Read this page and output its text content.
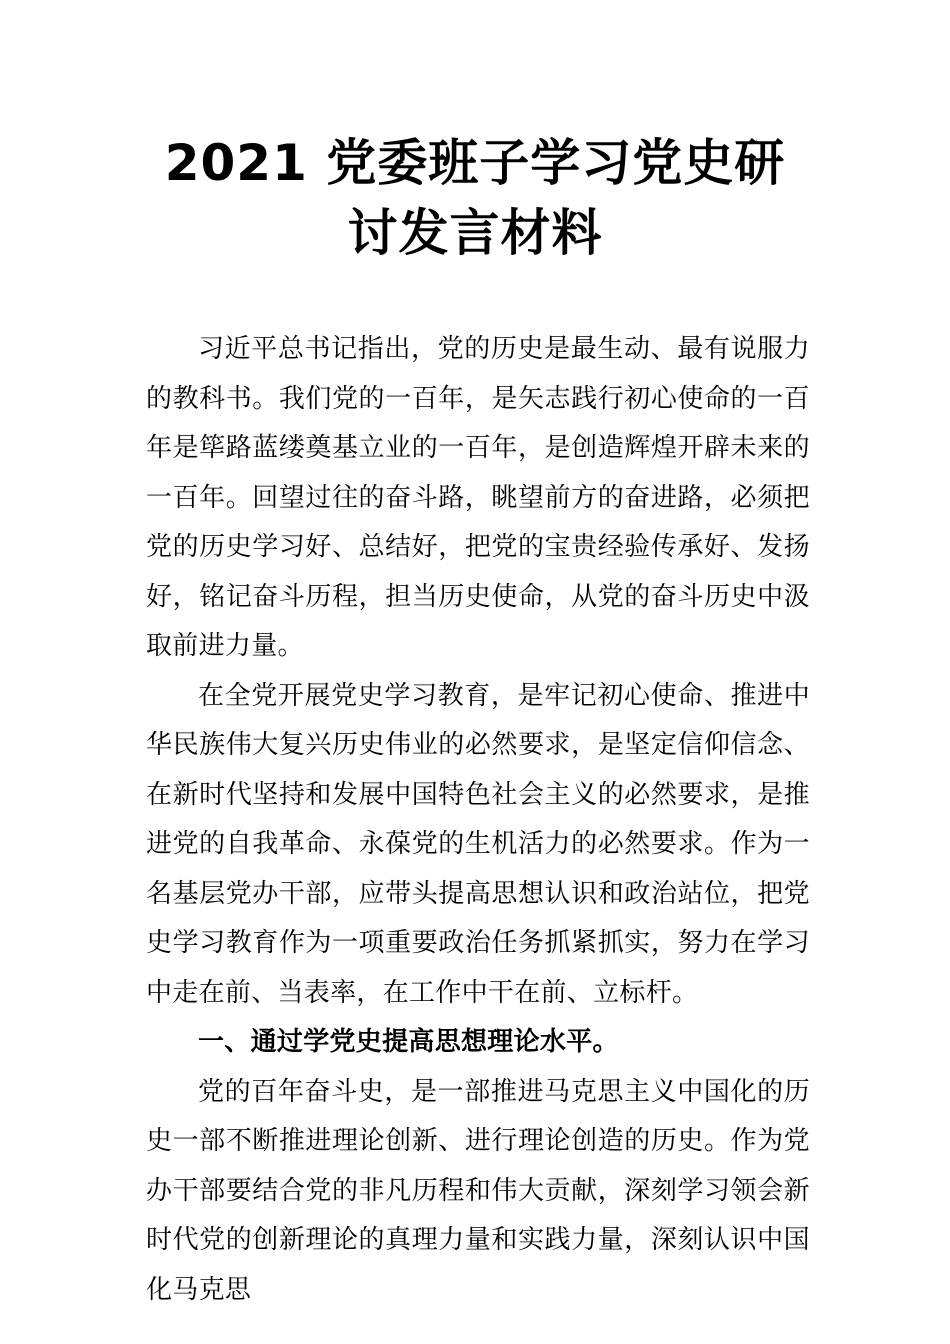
2021 党委班子学习党史研
讨发言材料

习近平总书记指出，党的历史是最生动、最有说服力的教科书。我们党的一百年，是矢志践行初心使命的一百年是筚路蓝缕奠基立业的一百年，是创造辉煌开辟未来的一百年。回望过往的奋斗路，眺望前方的奋进路，必须把党的历史学习好、总结好，把党的宝贵经验传承好、发扬好，铭记奋斗历程，担当历史使命，从党的奋斗历史中汲取前进力量。

在全党开展党史学习教育，是牢记初心使命、推进中华民族伟大复兴历史伟业的必然要求，是坚定信仰信念、在新时代坚持和发展中国特色社会主义的必然要求，是推进党的自我革命、永葆党的生机活力的必然要求。作为一名基层党办干部，应带头提高思想认识和政治站位，把党史学习教育作为一项重要政治任务抓紧抓实，努力在学习中走在前、当表率，在工作中干在前、立标杆。

一、通过学党史提高思想理论水平。

党的百年奋斗史，是一部推进马克思主义中国化的历史一部不断推进理论创新、进行理论创造的历史。作为党办干部要结合党的非凡历程和伟大贡献，深刻学习领会新时代党的创新理论的真理力量和实践力量，深刻认识中国化马克思
